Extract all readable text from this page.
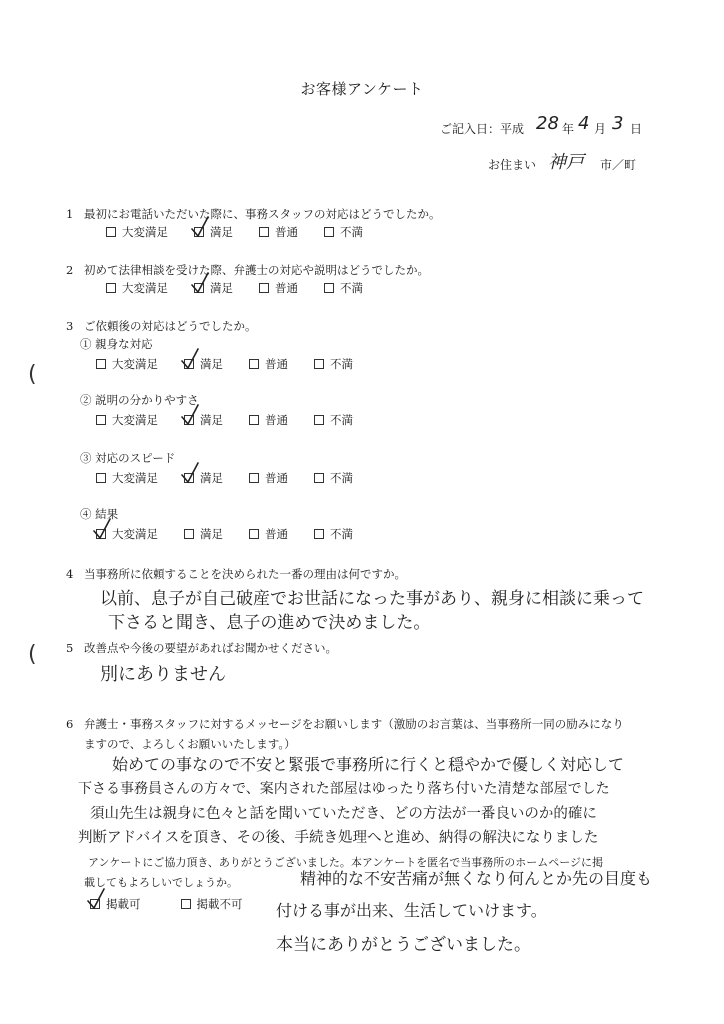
お客様アンケート
ご記入日：平成 28 年 4 月 3 日
お住まい 神戸 市／町
1 最初にお電話いただいた際に、事務スタッフの対応はどうでしたか。
大変満足	満足	普通	不満
2 初めて法律相談を受けた際、弁護士の対応や説明はどうでしたか。
大変満足	満足	普通	不満
3 ご依頼後の対応はどうでしたか。
① 親身な対応
大変満足	満足	普通	不満
(
② 説明の分かりやすさ
大変満足	満足	普通	不満
③ 対応のスピード
大変満足	満足	普通	不満
④ 結果
大変満足	満足	普通	不満
4 当事務所に依頼することを決められた一番の理由は何ですか。
以前、息子が自己破産でお世話になった事があり、親身に相談に乗って
下さると聞き、息子の進めで決めました。
5 改善点や今後の要望があればお聞かせください。
(
別にありません
6 弁護士・事務スタッフに対するメッセージをお願いします（激励のお言葉は、当事務所一同の励みになり
ますので、よろしくお願いいたします。）
始めての事なので不安と緊張で事務所に行くと穏やかで優しく対応して
下さる事務員さんの方々で、案内された部屋はゆったり落ち付いた清楚な部屋でした
須山先生は親身に色々と話を聞いていただき、どの方法が一番良いのか的確に
判断アドバイスを頂き、その後、手続き処理へと進め、納得の解決になりました
アンケートにご協力頂き、ありがとうございました。本アンケートを匿名で当事務所のホームページに掲
載してもよろしいでしょうか。
掲載可	掲載不可
精神的な不安苦痛が無くなり何んとか先の目度も
付ける事が出来、生活していけます。
本当にありがとうございました。
